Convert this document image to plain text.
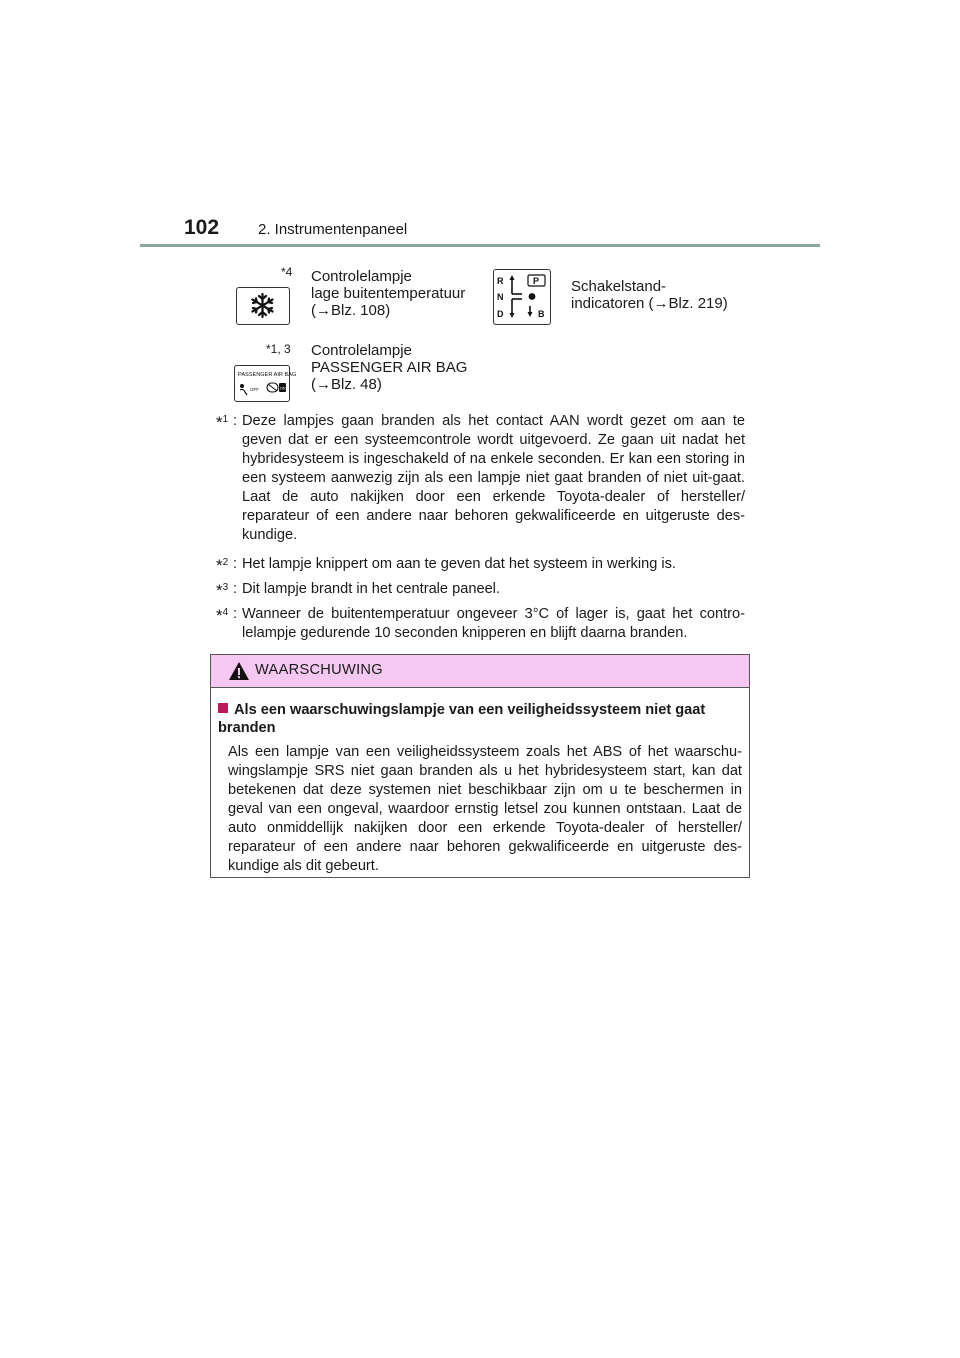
102	2. Instrumentenpaneel
*4 Controlelampje
lage buitentemperatuur
(→Blz. 108)
R
N
D	B
P Schakelstand-
indicatoren (→Blz. 219)
*1, 3
PASSENGER AIR BAG
OFF	ON
Controlelampje
PASSENGER AIR BAG
(→Blz. 48)
*$^1$ : Deze lampjes gaan branden als het contact AAN wordt gezet om aan te geven dat er een systeemcontrole wordt uitgevoerd. Ze gaan uit nadat het hybridesysteem is ingeschakeld of na enkele seconden. Er kan een storing in een systeem aanwezig zijn als een lampje niet gaat branden of niet uit-gaat. Laat de auto nakijken door een erkende Toyota-dealer of hersteller/ reparateur of een andere naar behoren gekwalificeerde en uitgeruste des-kundige.
*$^2$ : Het lampje knippert om aan te geven dat het systeem in werking is.
*$^3$ : Dit lampje brandt in het centrale paneel.
*$^4$ : Wanneer de buitentemperatuur ongeveer 3°C of lager is, gaat het contro-lelampje gedurende 10 seconden knipperen en blijft daarna branden.
WAARSCHUWING
Als een waarschuwingslampje van een veiligheidssysteem niet gaat branden
Als een lampje van een veiligheidssysteem zoals het ABS of het waarschu-wingslampje SRS niet gaan branden als u het hybridesysteem start, kan dat betekenen dat deze systemen niet beschikbaar zijn om u te beschermen in geval van een ongeval, waardoor ernstig letsel zou kunnen ontstaan. Laat de auto onmiddellijk nakijken door een erkende Toyota-dealer of hersteller/ reparateur of een andere naar behoren gekwalificeerde en uitgeruste des-kundige als dit gebeurt.
